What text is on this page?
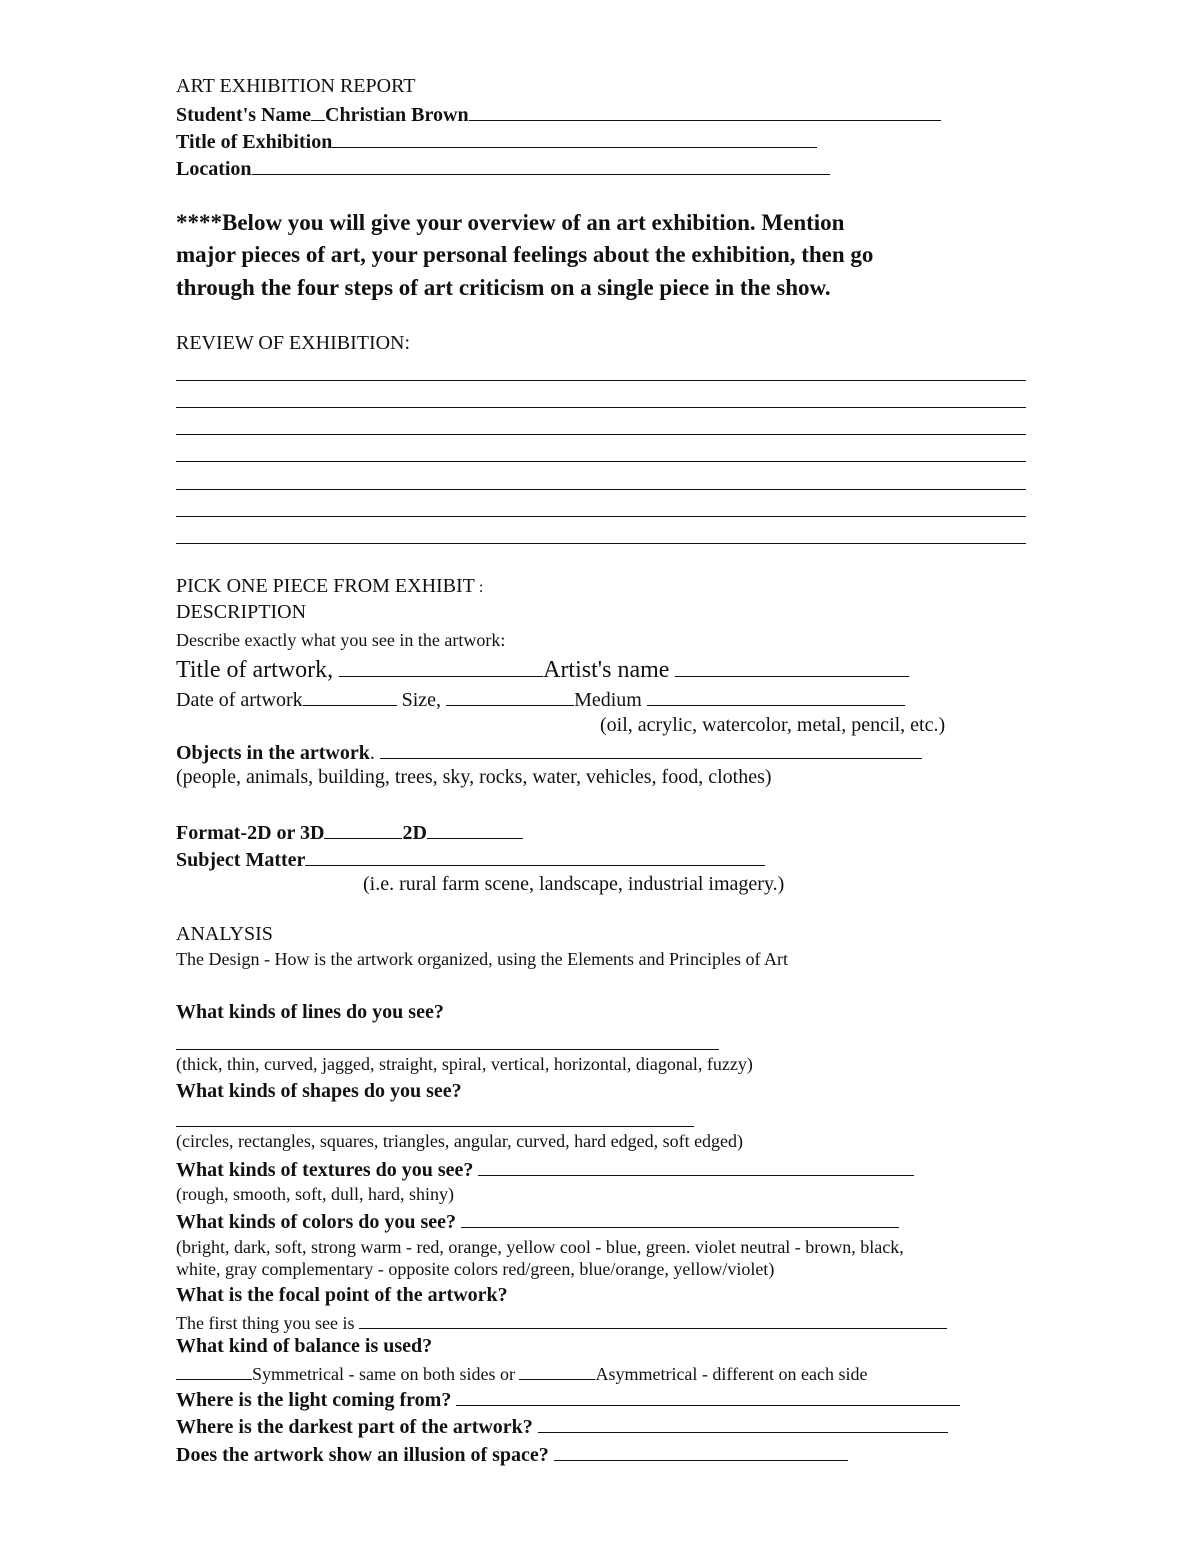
ART EXHIBITION REPORT
Student's Name Christian Brown
Title of Exhibition
Location
****Below you will give your overview of an art exhibition. Mention
major pieces of art, your personal feelings about the exhibition, then go
through the four steps of art criticism on a single piece in the show.
REVIEW OF EXHIBITION:
PICK ONE PIECE FROM EXHIBIT :
DESCRIPTION
Describe exactly what you see in the artwork:
Title of artwork,	Artist's name
Date of artwork	Size,	Medium
(oil, acrylic, watercolor, metal, pencil, etc.)
Objects in the artwork.
(people, animals, building, trees, sky, rocks, water, vehicles, food, clothes)
Format-2D or 3D	2D
Subject Matter
(i.e. rural farm scene, landscape, industrial imagery.)
ANALYSIS
The Design - How is the artwork organized, using the Elements and Principles of Art
What kinds of lines do you see?
(thick, thin, curved, jagged, straight, spiral, vertical, horizontal, diagonal, fuzzy)
What kinds of shapes do you see?
(circles, rectangles, squares, triangles, angular, curved, hard edged, soft edged)
What kinds of textures do you see?
(rough, smooth, soft, dull, hard, shiny)
What kinds of colors do you see?
(bright, dark, soft, strong warm - red, orange, yellow cool - blue, green. violet neutral - brown, black,
white, gray complementary - opposite colors red/green, blue/orange, yellow/violet)
What is the focal point of the artwork?
The first thing you see is
What kind of balance is used?
Symmetrical - same on both sides or	Asymmetrical - different on each side
Where is the light coming from?
Where is the darkest part of the artwork?
Does the artwork show an illusion of space?
